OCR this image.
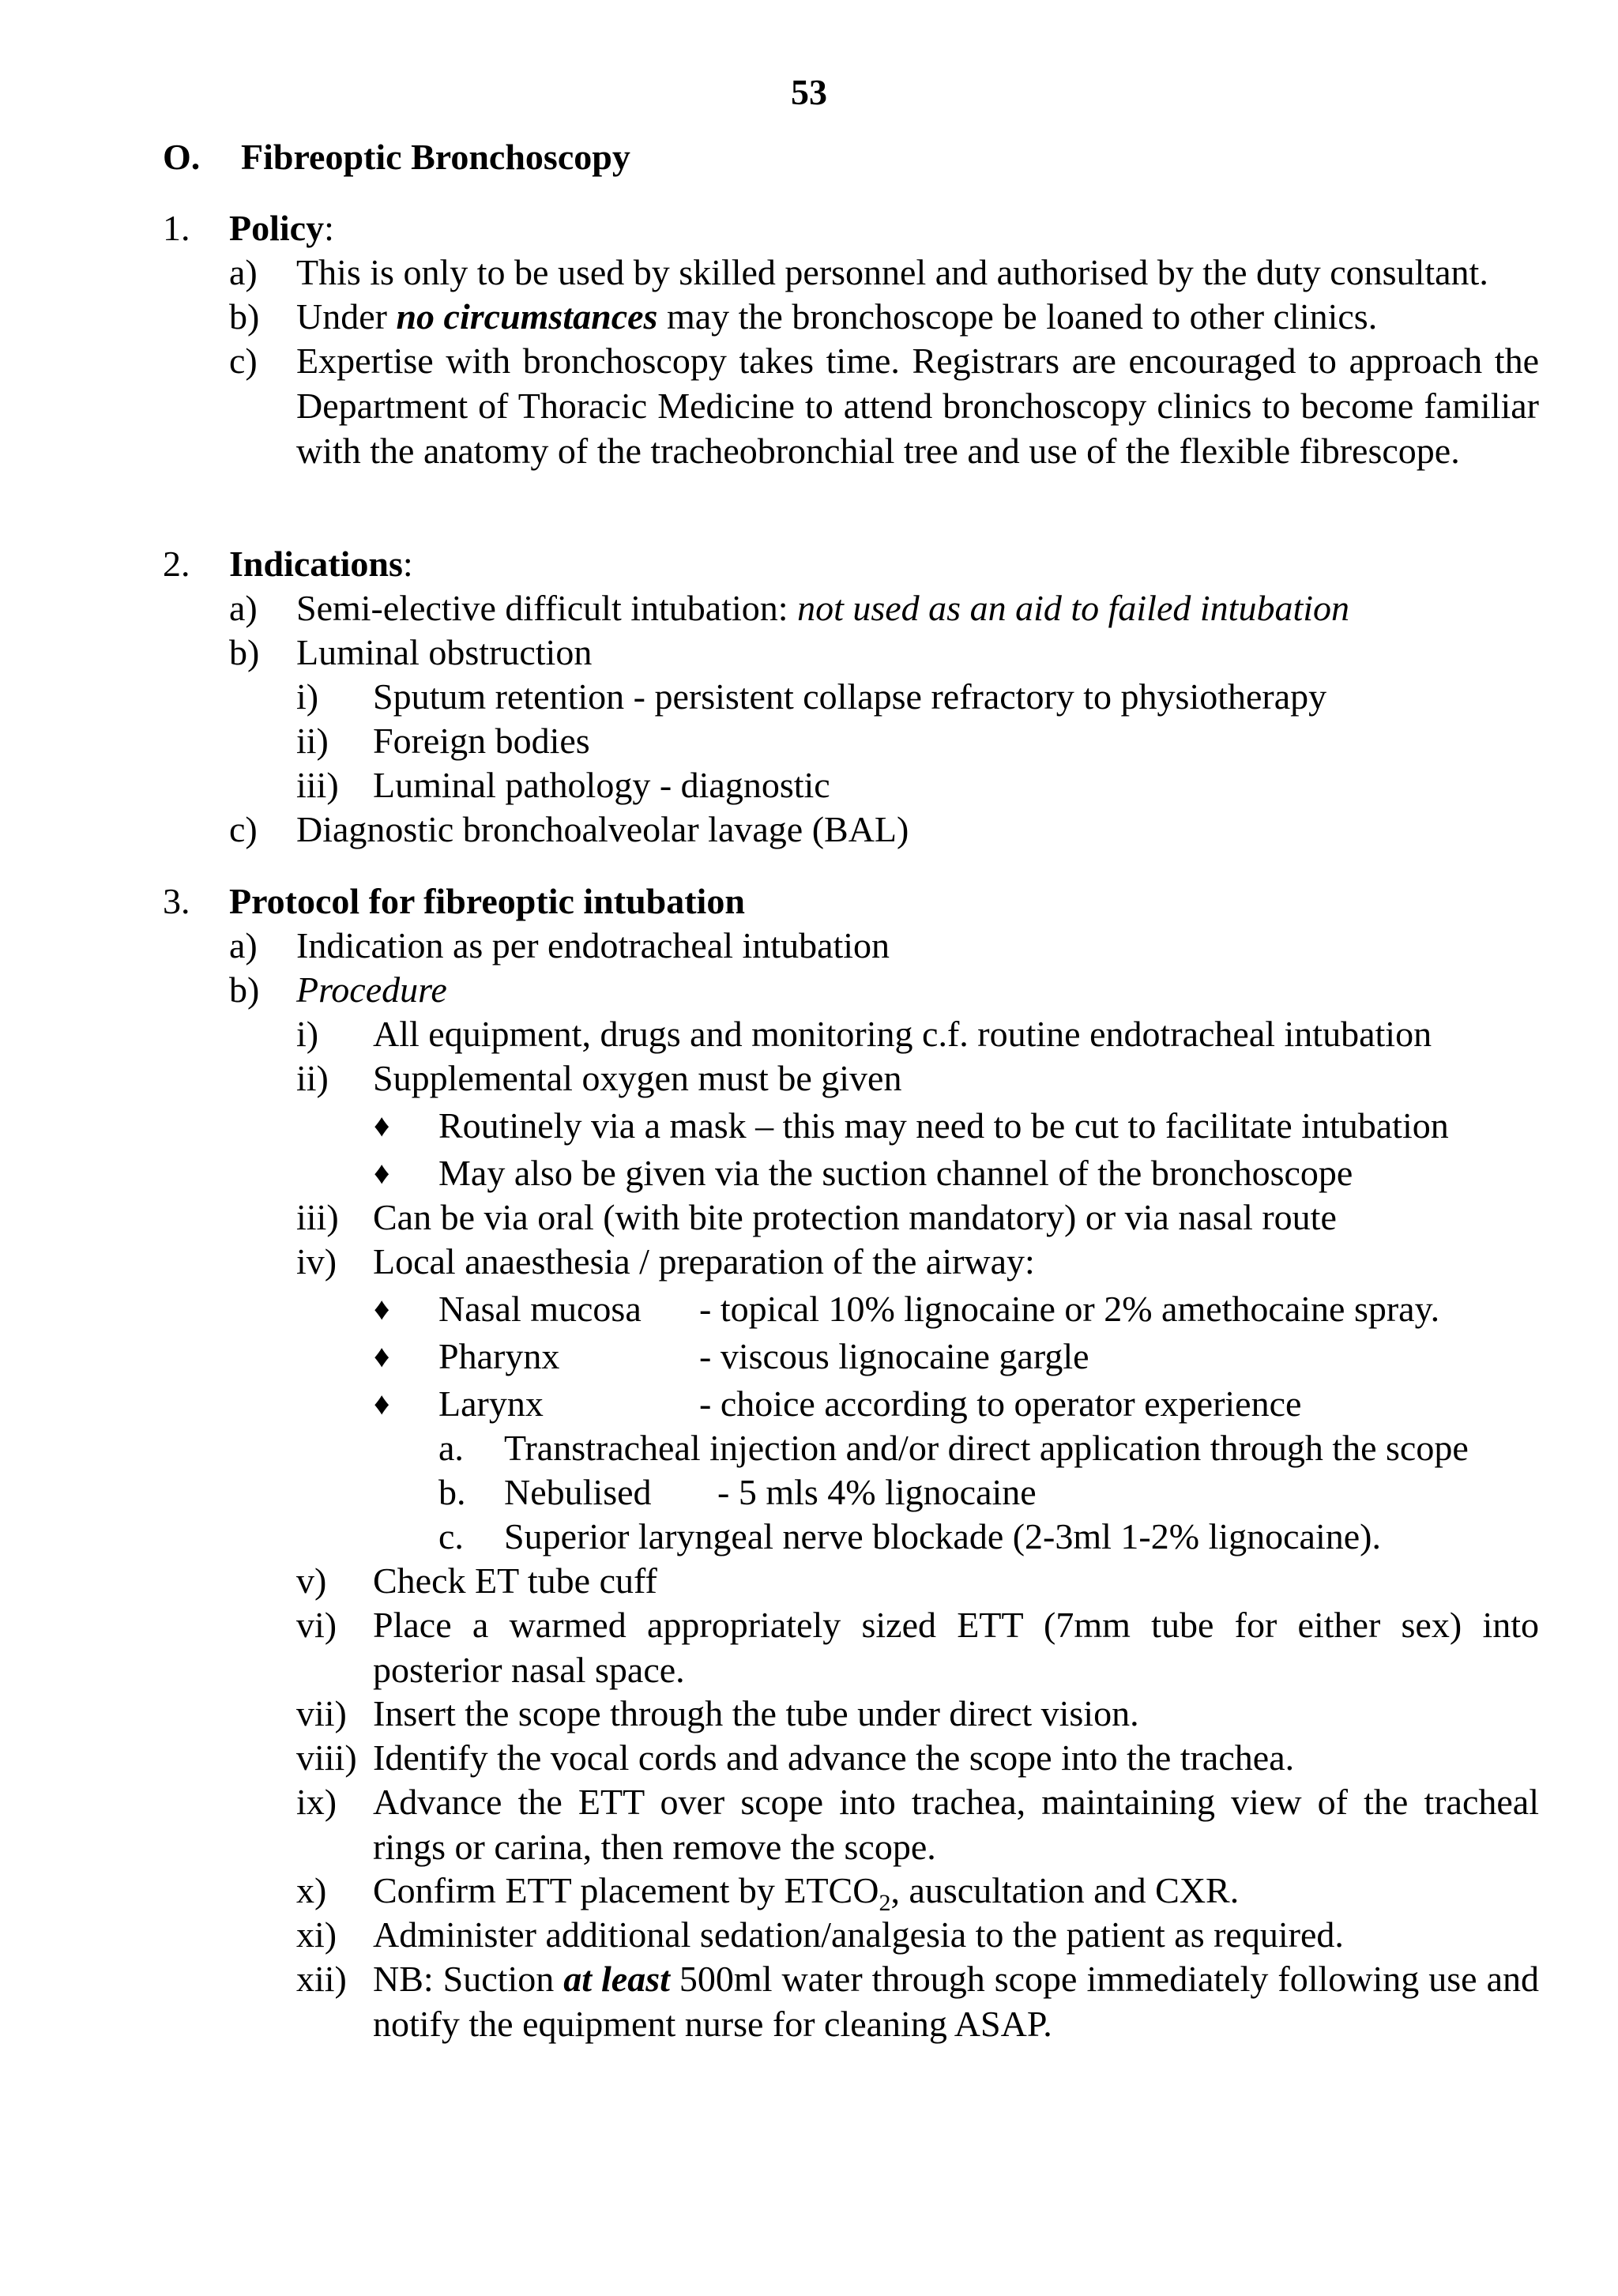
53
O. Fibreoptic Bronchoscopy
1. Policy:
a) This is only to be used by skilled personnel and authorised by the duty consultant.
b) Under no circumstances may the bronchoscope be loaned to other clinics.
c) Expertise with bronchoscopy takes time. Registrars are encouraged to approach the Department of Thoracic Medicine to attend bronchoscopy clinics to become familiar with the anatomy of the tracheobronchial tree and use of the flexible fibrescope.
2. Indications:
a) Semi-elective difficult intubation: not used as an aid to failed intubation
b) Luminal obstruction
i) Sputum retention - persistent collapse refractory to physiotherapy
ii) Foreign bodies
iii) Luminal pathology - diagnostic
c) Diagnostic bronchoalveolar lavage (BAL)
3. Protocol for fibreoptic intubation
a) Indication as per endotracheal intubation
b) Procedure
i) All equipment, drugs and monitoring c.f. routine endotracheal intubation
ii) Supplemental oxygen must be given
♦ Routinely via a mask – this may need to be cut to facilitate intubation
♦ May also be given via the suction channel of the bronchoscope
iii) Can be via oral (with bite protection mandatory) or via nasal route
iv) Local anaesthesia / preparation of the airway:
♦ Nasal mucosa - topical 10% lignocaine or 2% amethocaine spray.
♦ Pharynx	- viscous lignocaine gargle
♦ Larynx	- choice according to operator experience
a. Transtracheal injection and/or direct application through the scope
b. Nebulised - 5 mls 4% lignocaine
c. Superior laryngeal nerve blockade (2-3ml 1-2% lignocaine).
v) Check ET tube cuff
vi) Place a warmed appropriately sized ETT (7mm tube for either sex) into posterior nasal space.
vii) Insert the scope through the tube under direct vision.
viii) Identify the vocal cords and advance the scope into the trachea.
ix) Advance the ETT over scope into trachea, maintaining view of the tracheal rings or carina, then remove the scope.
x) Confirm ETT placement by $ETCO_2$, auscultation and CXR.
xi) Administer additional sedation/analgesia to the patient as required.
xii) NB: Suction at least 500ml water through scope immediately following use and notify the equipment nurse for cleaning ASAP.
